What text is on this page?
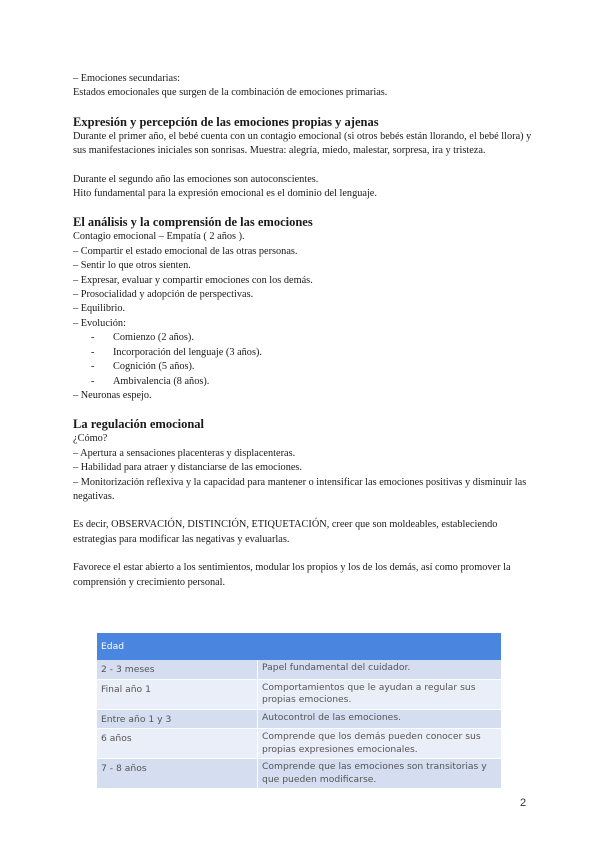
– Emociones secundarias:

Estados emocionales que surgen de la combinación de emociones primarias.

Expresión y percepción de las emociones propias y ajenas

Durante el primer año, el bebé cuenta con un contagio emocional (si otros bebés están llorando, el bebé llora) y sus manifestaciones iniciales son sonrisas. Muestra: alegría, miedo, malestar, sorpresa, ira y tristeza.

Durante el segundo año las emociones son autoconscientes.

Hito fundamental para la expresión emocional es el dominio del lenguaje.

El análisis y la comprensión de las emociones

Contagio emocional – Empatía ( 2 años ).

– Compartir el estado emocional de las otras personas.

– Sentir lo que otros sienten.

– Expresar, evaluar y compartir emociones con los demás.

– Prosocialidad y adopción de perspectivas.

– Equilibrio.

– Evolución:

- Comienzo (2 años).

- Incorporación del lenguaje (3 años).

- Cognición (5 años).

- Ambivalencia (8 años).

– Neuronas espejo.

La regulación emocional

¿Cómo?

– Apertura a sensaciones placenteras y displacenteras.

– Habilidad para atraer y distanciarse de las emociones.

– Monitorización reflexiva y la capacidad para mantener o intensificar las emociones positivas y disminuir las negativas.

Es decir, OBSERVACIÓN, DISTINCIÓN, ETIQUETACIÓN, creer que son moldeables, estableciendo estrategias para modificar las negativas y evaluarlas.

Favorece el estar abierto a los sentimientos, modular los propios y los de los demás, así como promover la comprensión y crecimiento personal.

Edad	
2 - 3 meses	Papel fundamental del cuidador.
Final año 1	Comportamientos que le ayudan a regular sus propias emociones.
Entre año 1 y 3	Autocontrol de las emociones.
6 años	Comprende que los demás pueden conocer sus propias expresiones emocionales.
7 - 8 años	Comprende que las emociones son transitorias y que pueden modificarse.
2
